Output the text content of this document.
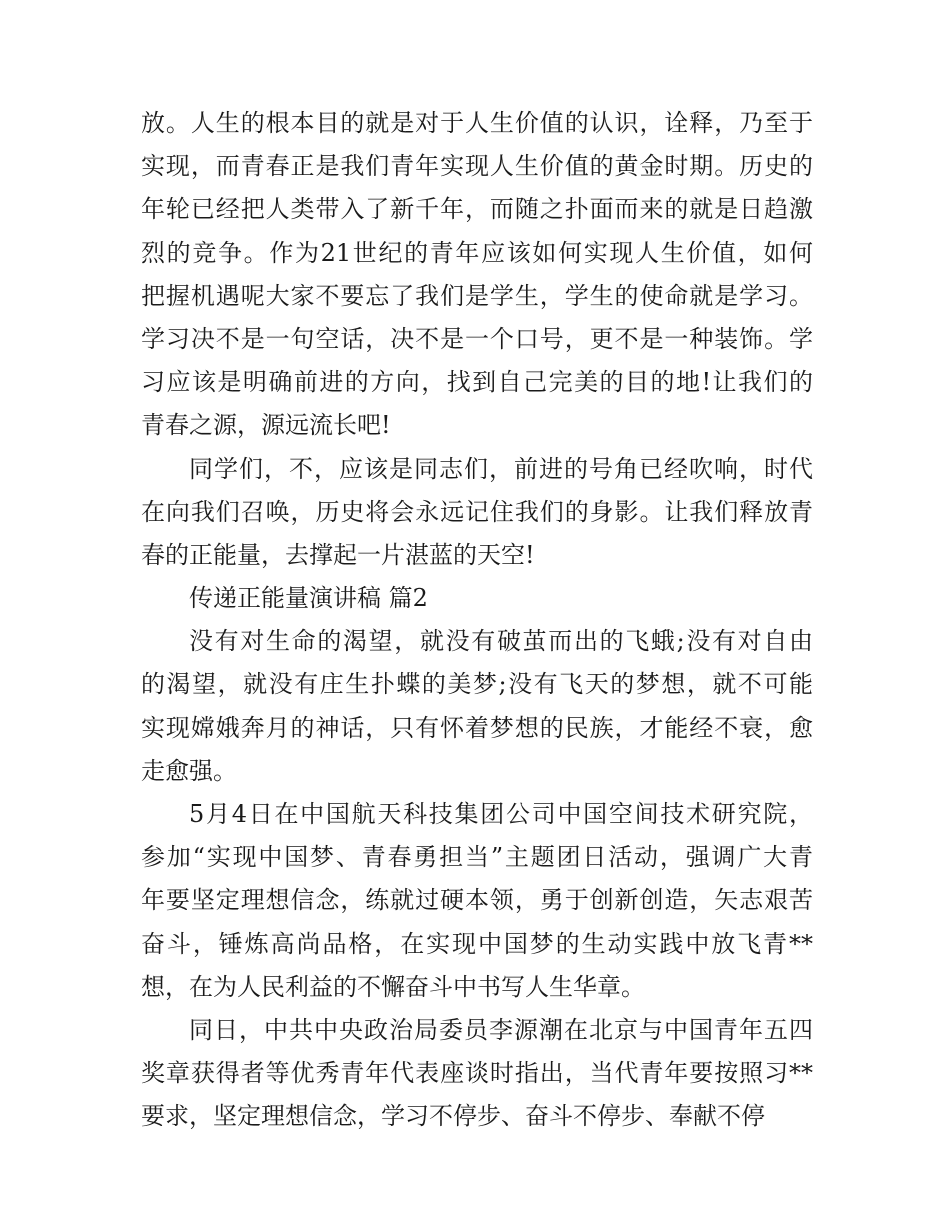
放。人生的根本目的就是对于人生价值的认识，诠释，乃至于
实现，而青春正是我们青年实现人生价值的黄金时期。历史的
年轮已经把人类带入了新千年，而随之扑面而来的就是日趋激
烈的竞争。作为21世纪的青年应该如何实现人生价值，如何
把握机遇呢大家不要忘了我们是学生，学生的使命就是学习。
学习决不是一句空话，决不是一个口号，更不是一种装饰。学
习应该是明确前进的方向，找到自己完美的目的地!让我们的
青春之源，源远流长吧!
同学们，不，应该是同志们，前进的号角已经吹响，时代
在向我们召唤，历史将会永远记住我们的身影。让我们释放青
春的正能量，去撑起一片湛蓝的天空!
传递正能量演讲稿 篇2
没有对生命的渴望，就没有破茧而出的飞蛾;没有对自由
的渴望，就没有庄生扑蝶的美梦;没有飞天的梦想，就不可能
实现嫦娥奔月的神话，只有怀着梦想的民族，才能经不衰，愈
走愈强。
5月4日在中国航天科技集团公司中国空间技术研究院，
参加“实现中国梦、青春勇担当”主题团日活动，强调广大青
年要坚定理想信念，练就过硬本领，勇于创新创造，矢志艰苦
奋斗，锤炼高尚品格，在实现中国梦的生动实践中放飞青**
想，在为人民利益的不懈奋斗中书写人生华章。
同日，中共中央政治局委员李源潮在北京与中国青年五四
奖章获得者等优秀青年代表座谈时指出，当代青年要按照习**
要求，坚定理想信念，学习不停步、奋斗不停步、奉献不停
